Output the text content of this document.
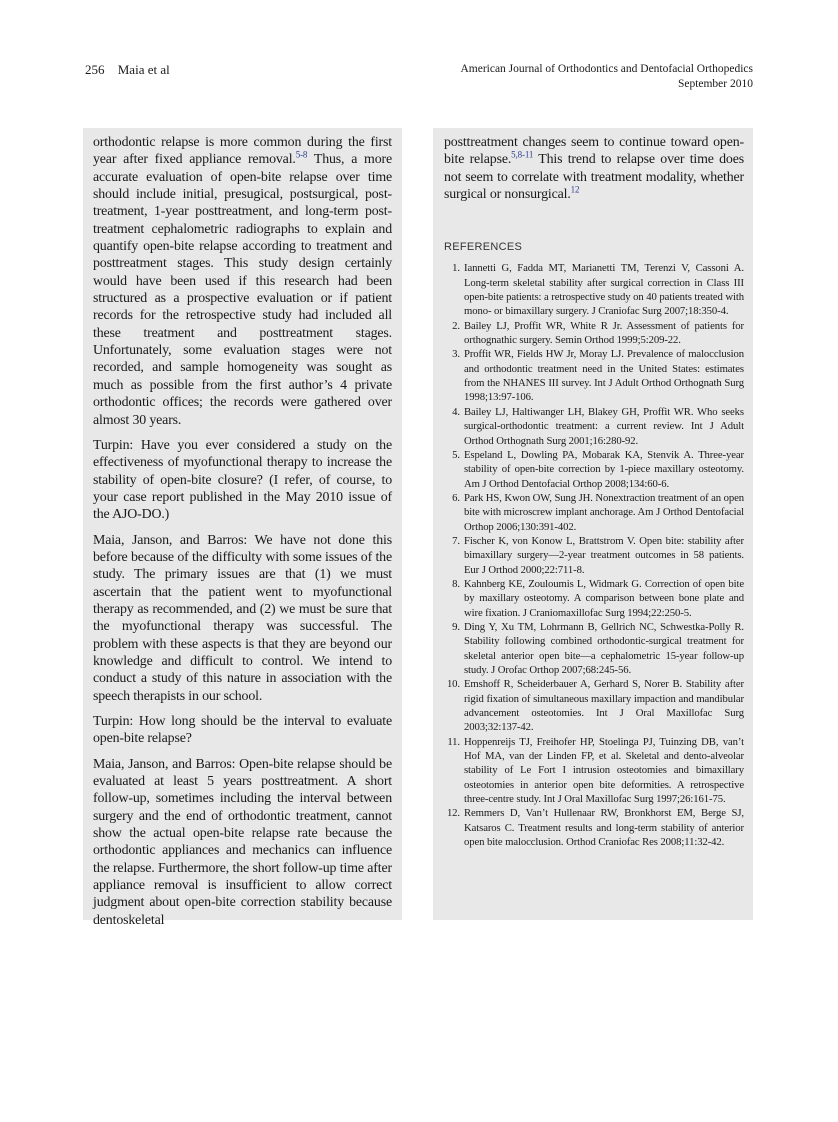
256 Maia et al	American Journal of Orthodontics and Dentofacial Orthopedics
September 2010

orthodontic relapse is more common during the first year after fixed appliance removal.$^{5-8}$ Thus, a more accurate evaluation of open-bite relapse over time should include initial, presugical, postsurgical, post-treatment, 1-year posttreatment, and long-term post-treatment cephalometric radiographs to explain and quantify open-bite relapse according to treatment and posttreatment stages. This study design certainly would have been used if this research had been structured as a prospective evaluation or if patient records for the retrospective study had included all these treatment and posttreatment stages. Unfortunately, some evaluation stages were not recorded, and sample homogeneity was sought as much as possible from the first author’s 4 private orthodontic offices; the records were gathered over almost 30 years.

Turpin: Have you ever considered a study on the effectiveness of myofunctional therapy to increase the stability of open-bite closure? (I refer, of course, to your case report published in the May 2010 issue of the AJO-DO.)

Maia, Janson, and Barros: We have not done this before because of the difficulty with some issues of the study. The primary issues are that (1) we must ascertain that the patient went to myofunctional therapy as recommended, and (2) we must be sure that the myofunctional therapy was successful. The problem with these aspects is that they are beyond our knowledge and difficult to control. We intend to conduct a study of this nature in association with the speech therapists in our school.

Turpin: How long should be the interval to evaluate open-bite relapse?

Maia, Janson, and Barros: Open-bite relapse should be evaluated at least 5 years posttreatment. A short follow-up, sometimes including the interval between surgery and the end of orthodontic treatment, cannot show the actual open-bite relapse rate because the orthodontic appliances and mechanics can influence the relapse. Furthermore, the short follow-up time after appliance removal is insufficient to allow correct judgment about open-bite correction stability because dentoskeletal

posttreatment changes seem to continue toward open-bite relapse.$^{5,8-11}$ This trend to relapse over time does not seem to correlate with treatment modality, whether surgical or nonsurgical.$^{12}$

REFERENCES
1. Iannetti G, Fadda MT, Marianetti TM, Terenzi V, Cassoni A. Long-term skeletal stability after surgical correction in Class III open-bite patients: a retrospective study on 40 patients treated with mono- or bimaxillary surgery. J Craniofac Surg 2007;18:350-4.
2. Bailey LJ, Proffit WR, White R Jr. Assessment of patients for orthognathic surgery. Semin Orthod 1999;5:209-22.
3. Proffit WR, Fields HW Jr, Moray LJ. Prevalence of malocclusion and orthodontic treatment need in the United States: estimates from the NHANES III survey. Int J Adult Orthod Orthognath Surg 1998;13:97-106.
4. Bailey LJ, Haltiwanger LH, Blakey GH, Proffit WR. Who seeks surgical-orthodontic treatment: a current review. Int J Adult Orthod Orthognath Surg 2001;16:280-92.
5. Espeland L, Dowling PA, Mobarak KA, Stenvik A. Three-year stability of open-bite correction by 1-piece maxillary osteotomy. Am J Orthod Dentofacial Orthop 2008;134:60-6.
6. Park HS, Kwon OW, Sung JH. Nonextraction treatment of an open bite with microscrew implant anchorage. Am J Orthod Dentofacial Orthop 2006;130:391-402.
7. Fischer K, von Konow L, Brattstrom V. Open bite: stability after bimaxillary surgery—2-year treatment outcomes in 58 patients. Eur J Orthod 2000;22:711-8.
8. Kahnberg KE, Zouloumis L, Widmark G. Correction of open bite by maxillary osteotomy. A comparison between bone plate and wire fixation. J Craniomaxillofac Surg 1994;22:250-5.
9. Ding Y, Xu TM, Lohrmann B, Gellrich NC, Schwestka-Polly R. Stability following combined orthodontic-surgical treatment for skeletal anterior open bite—a cephalometric 15-year follow-up study. J Orofac Orthop 2007;68:245-56.
10. Emshoff R, Scheiderbauer A, Gerhard S, Norer B. Stability after rigid fixation of simultaneous maxillary impaction and mandibular advancement osteotomies. Int J Oral Maxillofac Surg 2003;32:137-42.
11. Hoppenreijs TJ, Freihofer HP, Stoelinga PJ, Tuinzing DB, van’t Hof MA, van der Linden FP, et al. Skeletal and dento-alveolar stability of Le Fort I intrusion osteotomies and bimaxillary osteotomies in anterior open bite deformities. A retrospective three-centre study. Int J Oral Maxillofac Surg 1997;26:161-75.
12. Remmers D, Van’t Hullenaar RW, Bronkhorst EM, Berge SJ, Katsaros C. Treatment results and long-term stability of anterior open bite malocclusion. Orthod Craniofac Res 2008;11:32-42.
